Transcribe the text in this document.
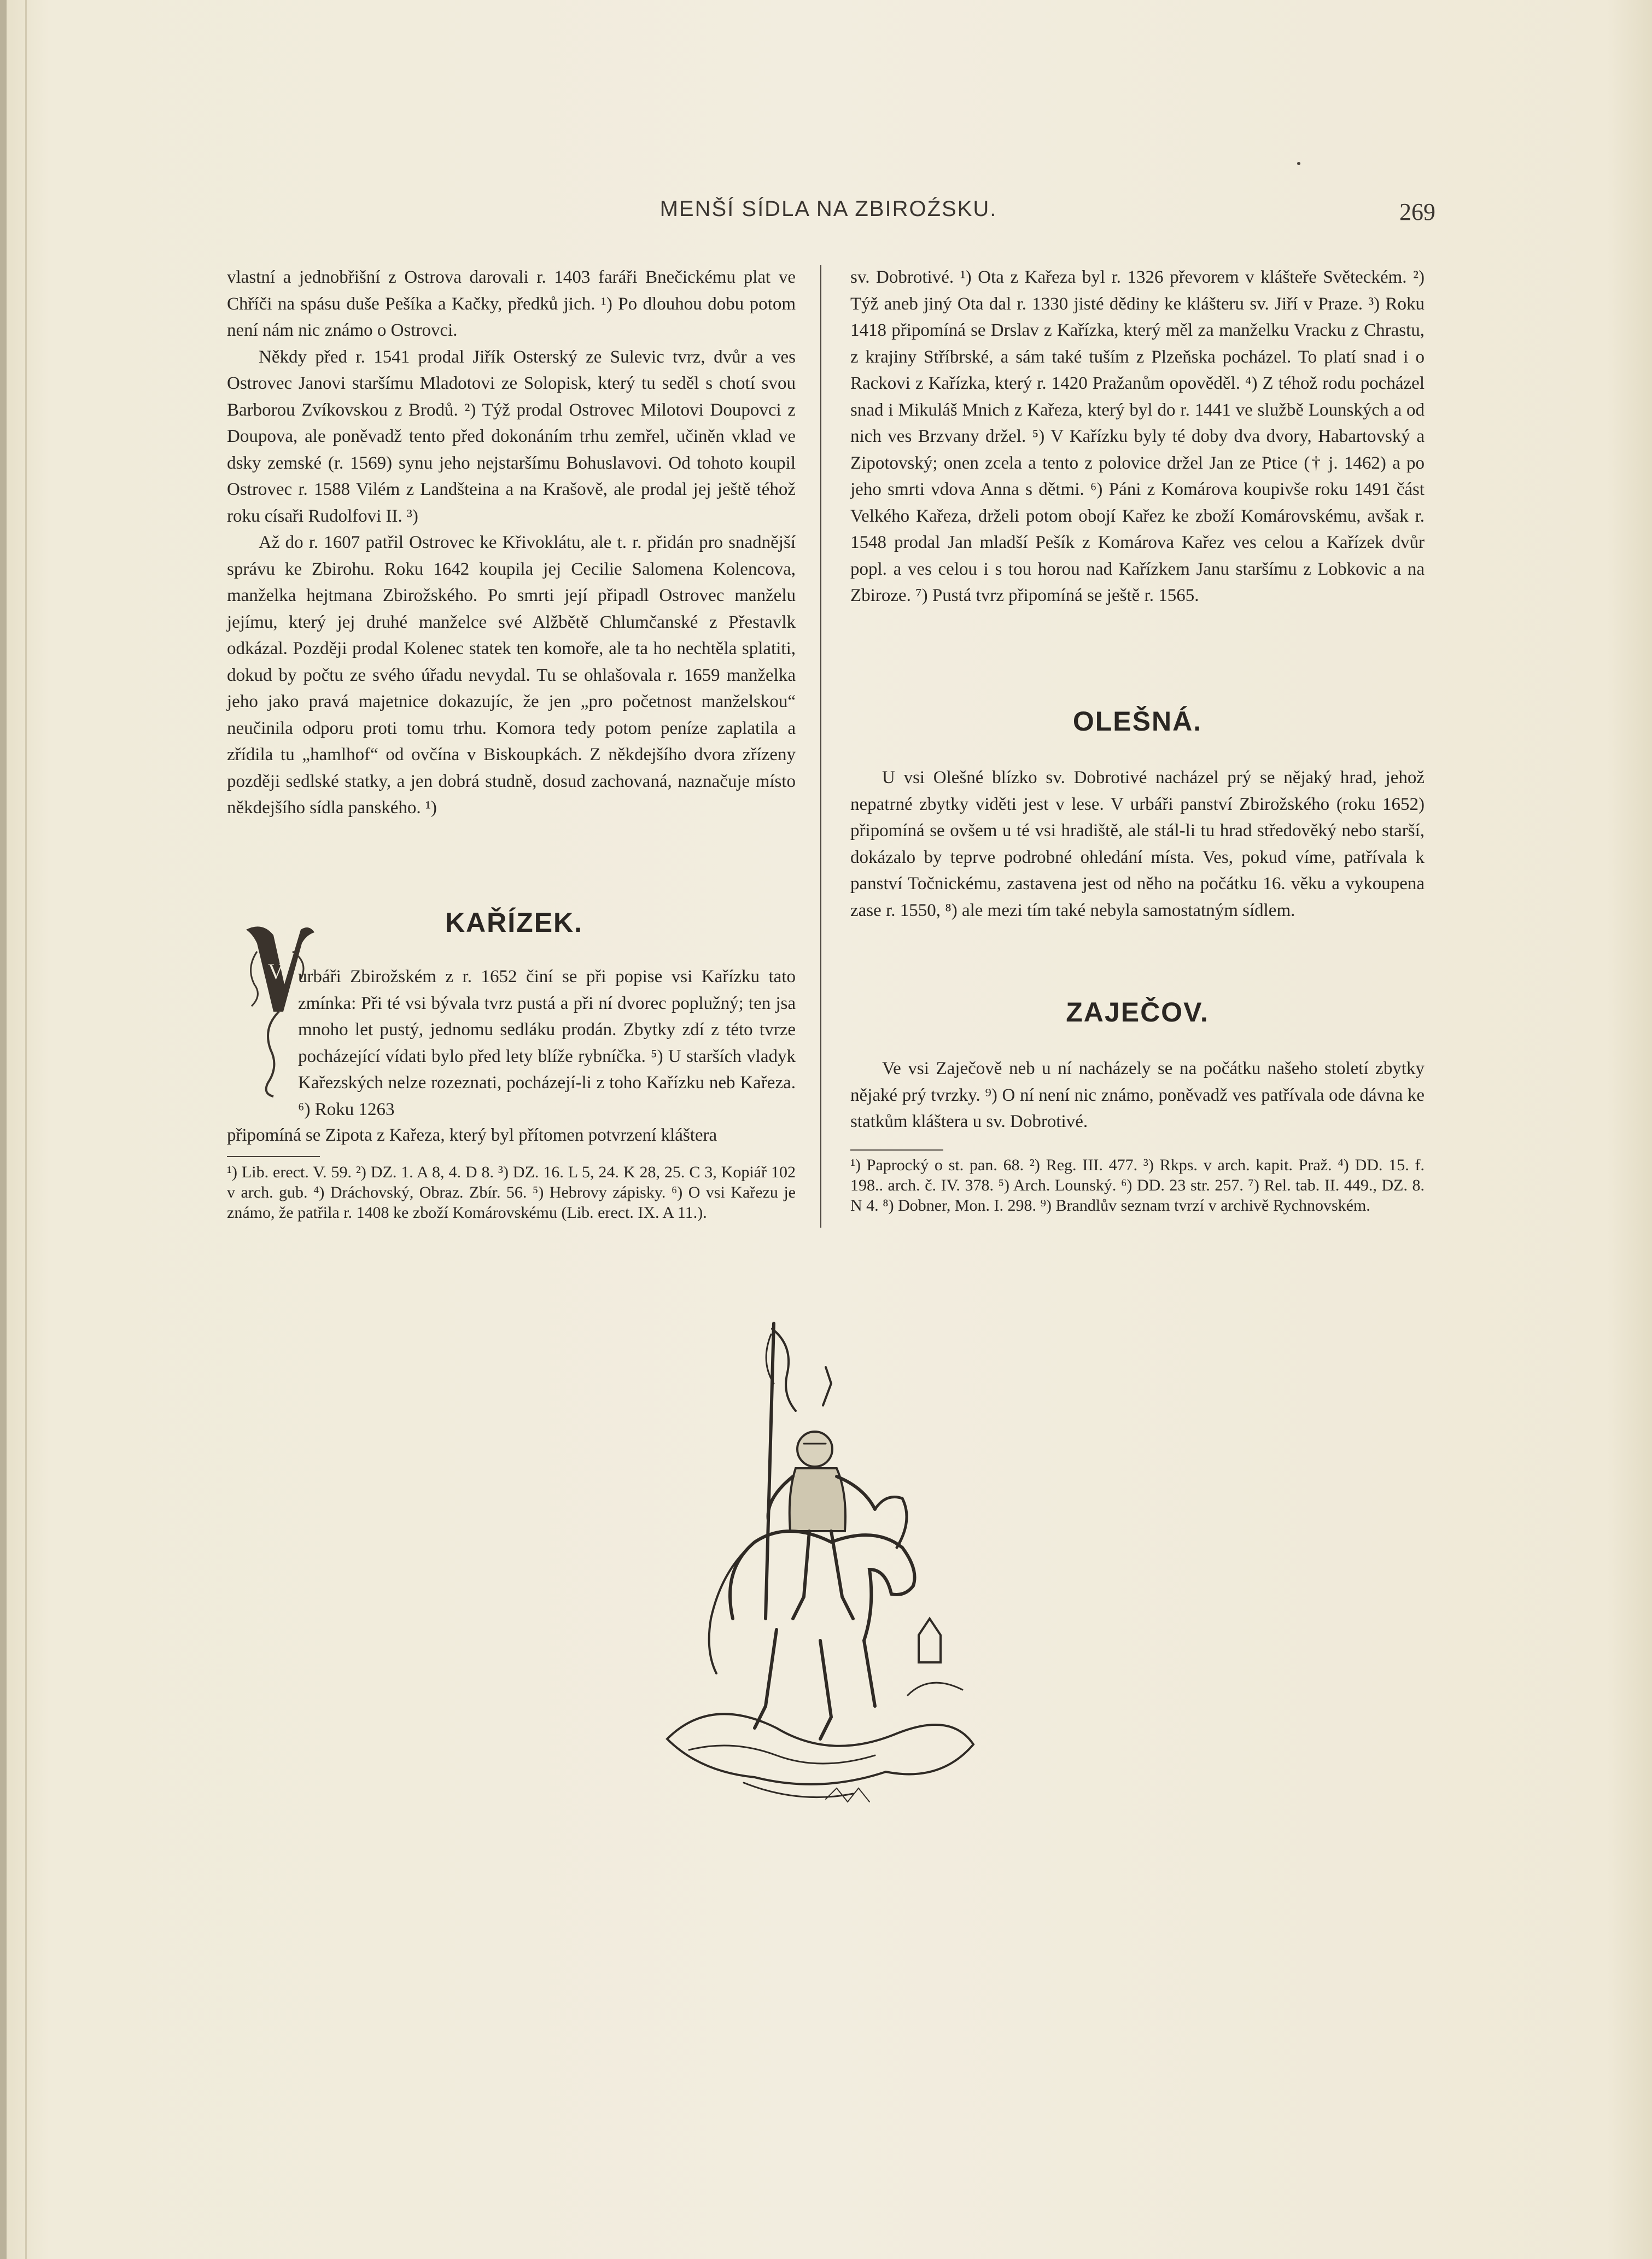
MENŠÍ SÍDLA NA ZBIROŹSKU.	269

vlastní a jednobřišní z Ostrova darovali r. 1403 faráři Bnečickému plat ve Chříči na spásu duše Pešíka a Kačky, předků jich. ¹) Po dlouhou dobu potom není nám nic známo o Ostrovci.

Někdy před r. 1541 prodal Jiřík Osterský ze Sulevic tvrz, dvůr a ves Ostrovec Janovi staršímu Mladotovi ze Solopisk, který tu seděl s chotí svou Barborou Zvíkovskou z Brodů. ²) Týž prodal Ostrovec Milotovi Doupovci z Doupova, ale poněvadž tento před dokonáním trhu zemřel, učiněn vklad ve dsky zemské (r. 1569) synu jeho nejstaršímu Bohuslavovi. Od tohoto koupil Ostrovec r. 1588 Vilém z Landšteina a na Krašově, ale prodal jej ještě téhož roku císaři Rudolfovi II. ³)

Až do r. 1607 patřil Ostrovec ke Křivoklátu, ale t. r. přidán pro snadnější správu ke Zbirohu. Roku 1642 koupila jej Cecilie Salomena Kolencova, manželka hejtmana Zbirožského. Po smrti její připadl Ostrovec manželu jejímu, který jej druhé manželce své Alžbětě Chlumčanské z Přestavlk odkázal. Později prodal Kolenec statek ten komoře, ale ta ho nechtěla splatiti, dokud by počtu ze svého úřadu nevydal. Tu se ohlašovala r. 1659 manželka jeho jako pravá majetnice dokazujíc, že jen „pro početnost manželskou“ neučinila odporu proti tomu trhu. Komora tedy potom peníze zaplatila a zřídila tu „hamlhof“ od ovčína v Biskoupkách. Z někdejšího dvora zřízeny později sedlské statky, a jen dobrá studně, dosud zachovaná, naznačuje místo někdejšího sídla panského. ¹)

KAŘÍZEK.
V urbáři Zbirožském z r. 1652 činí se při popise vsi Kařízku tato zmínka: Při té vsi bývala tvrz pustá a při ní dvorec poplužný; ten jsa mnoho let pustý, jednomu sedláku prodán. Zbytky zdí z této tvrze pocházející vídati bylo před lety blíže rybníčka. ⁵) U starších vladyk Kařezských nelze rozeznati, pocházejí-li z toho Kařízku neb Kařeza. ⁶) Roku 1263

připomíná se Zipota z Kařeza, který byl přítomen potvrzení kláštera

¹) Lib. erect. V. 59. ²) DZ. 1. A 8, 4. D 8. ³) DZ. 16. L 5, 24. K 28, 25. C 3, Kopiář 102 v arch. gub. ⁴) Dráchovský, Obraz. Zbír. 56. ⁵) Hebrovy zápisky. ⁶) O vsi Kařezu je známo, že patřila r. 1408 ke zboží Komárovskému (Lib. erect. IX. A 11.).

sv. Dobrotivé. ¹) Ota z Kařeza byl r. 1326 převorem v klášteře Světeckém. ²) Týž aneb jiný Ota dal r. 1330 jisté dědiny ke klášteru sv. Jiří v Praze. ³) Roku 1418 připomíná se Drslav z Kařízka, který měl za manželku Vracku z Chrastu, z krajiny Stříbrské, a sám také tuším z Plzeňska pocházel. To platí snad i o Rackovi z Kařízka, který r. 1420 Pražanům opověděl. ⁴) Z téhož rodu pocházel snad i Mikuláš Mnich z Kařeza, který byl do r. 1441 ve službě Lounských a od nich ves Brzvany držel. ⁵) V Kařízku byly té doby dva dvory, Habartovský a Zipotovský; onen zcela a tento z polovice držel Jan ze Ptice († j. 1462) a po jeho smrti vdova Anna s dětmi. ⁶) Páni z Komárova koupivše roku 1491 část Velkého Kařeza, drželi potom obojí Kařez ke zboží Komárovskému, avšak r. 1548 prodal Jan mladší Pešík z Komárova Kařez ves celou a Kařízek dvůr popl. a ves celou i s tou horou nad Kařízkem Janu staršímu z Lobkovic a na Zbiroze. ⁷) Pustá tvrz připomíná se ještě r. 1565.

OLEŠNÁ.

U vsi Olešné blízko sv. Dobrotivé nacházel prý se nějaký hrad, jehož nepatrné zbytky viděti jest v lese. V urbáři panství Zbirožského (roku 1652) připomíná se ovšem u té vsi hradiště, ale stál-li tu hrad středověký nebo starší, dokázalo by teprve podrobné ohledání místa. Ves, pokud víme, patřívala k panství Točnickému, zastavena jest od něho na počátku 16. věku a vykoupena zase r. 1550, ⁸) ale mezi tím také nebyla samostatným sídlem.

ZAJEČOV.

Ve vsi Zaječově neb u ní nacházely se na počátku našeho století zbytky nějaké prý tvrzky. ⁹) O ní není nic známo, poněvadž ves patřívala ode dávna ke statkům kláštera u sv. Dobrotivé.

¹) Paprocký o st. pan. 68. ²) Reg. III. 477. ³) Rkps. v arch. kapit. Praž. ⁴) DD. 15. f. 198.. arch. č. IV. 378. ⁵) Arch. Lounský. ⁶) DD. 23 str. 257. ⁷) Rel. tab. II. 449., DZ. 8. N 4. ⁸) Dobner, Mon. I. 298. ⁹) Brandlův seznam tvrzí v archivě Rychnovském.
